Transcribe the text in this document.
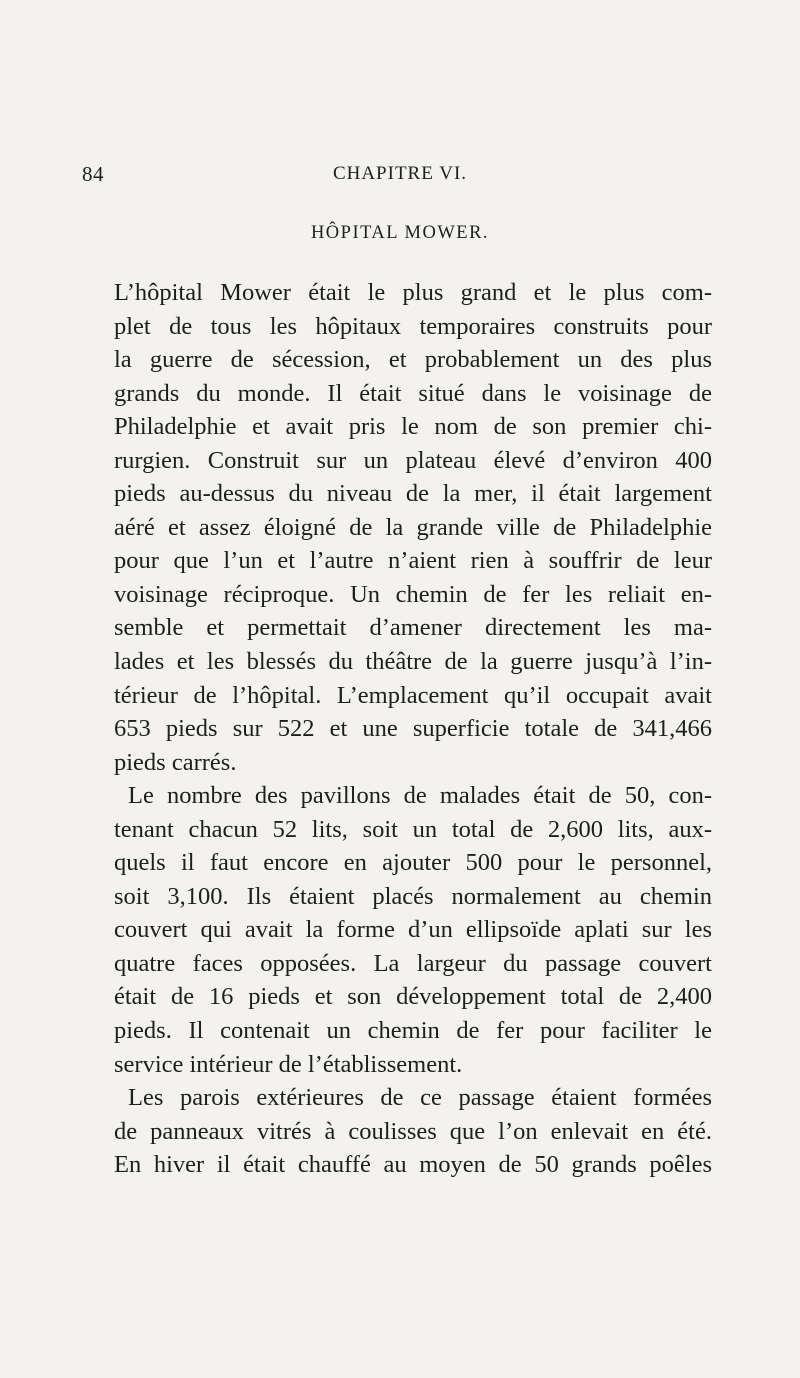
84	CHAPITRE VI.
HÔPITAL MOWER.
L’hôpital Mower était le plus grand et le plus com-
plet de tous les hôpitaux temporaires construits pour
la guerre de sécession, et probablement un des plus
grands du monde. Il était situé dans le voisinage de
Philadelphie et avait pris le nom de son premier chi-
rurgien. Construit sur un plateau élevé d’environ 400
pieds au-dessus du niveau de la mer, il était largement
aéré et assez éloigné de la grande ville de Philadelphie
pour que l’un et l’autre n’aient rien à souffrir de leur
voisinage réciproque. Un chemin de fer les reliait en-
semble et permettait d’amener directement les ma-
lades et les blessés du théâtre de la guerre jusqu’à l’in-
térieur de l’hôpital. L’emplacement qu’il occupait avait
653 pieds sur 522 et une superficie totale de 341,466
pieds carrés.
Le nombre des pavillons de malades était de 50, con-
tenant chacun 52 lits, soit un total de 2,600 lits, aux-
quels il faut encore en ajouter 500 pour le personnel,
soit 3,100. Ils étaient placés normalement au chemin
couvert qui avait la forme d’un ellipsoïde aplati sur les
quatre faces opposées. La largeur du passage couvert
était de 16 pieds et son développement total de 2,400
pieds. Il contenait un chemin de fer pour faciliter le
service intérieur de l’établissement.
Les parois extérieures de ce passage étaient formées
de panneaux vitrés à coulisses que l’on enlevait en été.
En hiver il était chauffé au moyen de 50 grands poêles
